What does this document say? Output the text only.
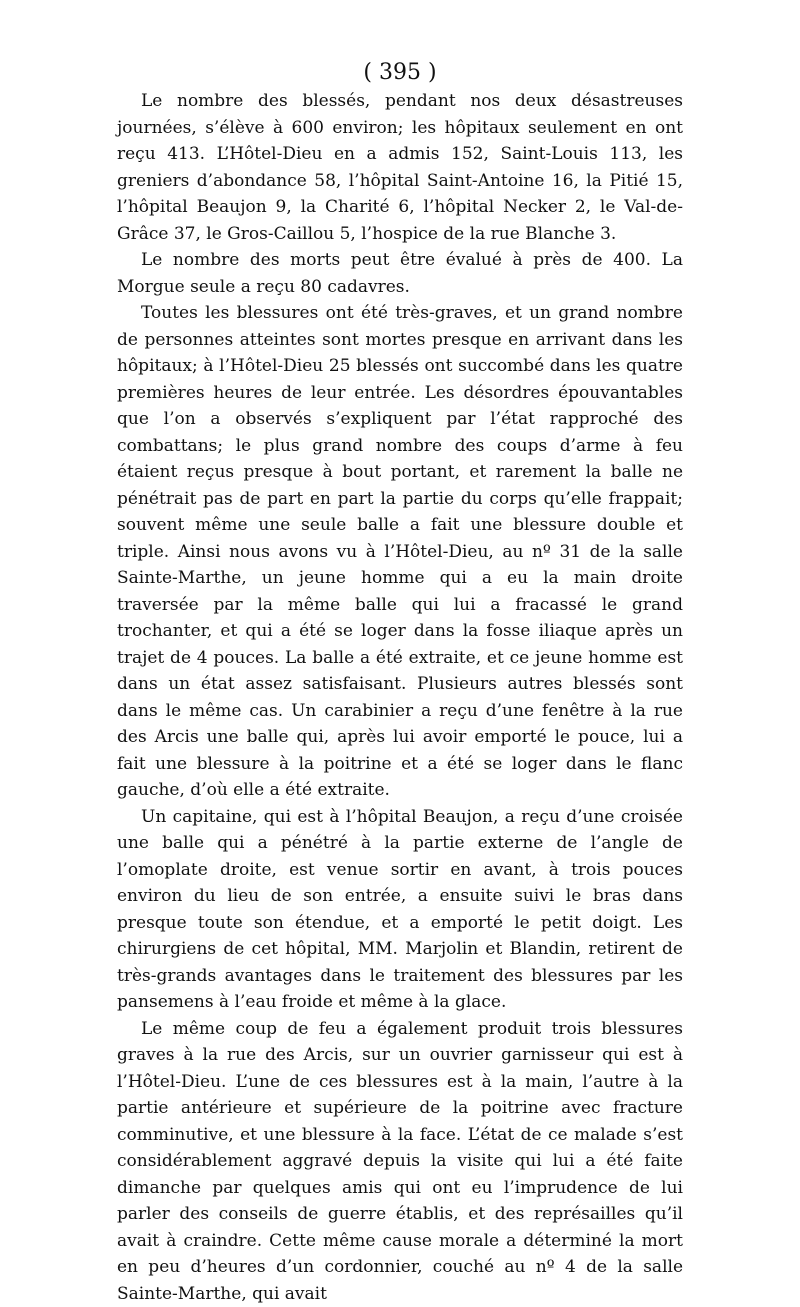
( 395 )

Le nombre des blessés, pendant nos deux désastreuses journées, s’élève à 600 environ; les hôpitaux seulement en ont reçu 413. L’Hôtel-Dieu en a admis 152, Saint-Louis 113, les greniers d’abondance 58, l’hôpital Saint-Antoine 16, la Pitié 15, l’hôpital Beaujon 9, la Charité 6, l’hôpital Necker 2, le Val-de-Grâce 37, le Gros-Caillou 5, l’hospice de la rue Blanche 3.

Le nombre des morts peut être évalué à près de 400. La Morgue seule a reçu 80 cadavres.

Toutes les blessures ont été très-graves, et un grand nombre de personnes atteintes sont mortes presque en arrivant dans les hôpitaux; à l’Hôtel-Dieu 25 blessés ont succombé dans les quatre premières heures de leur entrée. Les désordres épouvantables que l’on a observés s’expliquent par l’état rapproché des combattans; le plus grand nombre des coups d’arme à feu étaient reçus presque à bout portant, et rarement la balle ne pénétrait pas de part en part la partie du corps qu’elle frappait; souvent même une seule balle a fait une blessure double et triple. Ainsi nous avons vu à l’Hôtel-Dieu, au nº 31 de la salle Sainte-Marthe, un jeune homme qui a eu la main droite traversée par la même balle qui lui a fracassé le grand trochanter, et qui a été se loger dans la fosse iliaque après un trajet de 4 pouces. La balle a été extraite, et ce jeune homme est dans un état assez satisfaisant. Plusieurs autres blessés sont dans le même cas. Un carabinier a reçu d’une fenêtre à la rue des Arcis une balle qui, après lui avoir emporté le pouce, lui a fait une blessure à la poitrine et a été se loger dans le flanc gauche, d’où elle a été extraite.

Un capitaine, qui est à l’hôpital Beaujon, a reçu d’une croisée une balle qui a pénétré à la partie externe de l’angle de l’omoplate droite, est venue sortir en avant, à trois pouces environ du lieu de son entrée, a ensuite suivi le bras dans presque toute son étendue, et a emporté le petit doigt. Les chirurgiens de cet hôpital, MM. Marjolin et Blandin, retirent de très-grands avantages dans le traitement des blessures par les pansemens à l’eau froide et même à la glace.

Le même coup de feu a également produit trois blessures graves à la rue des Arcis, sur un ouvrier garnisseur qui est à l’Hôtel-Dieu. L’une de ces blessures est à la main, l’autre à la partie antérieure et supérieure de la poitrine avec fracture comminutive, et une blessure à la face. L’état de ce malade s’est considérablement aggravé depuis la visite qui lui a été faite dimanche par quelques amis qui ont eu l’imprudence de lui parler des conseils de guerre établis, et des représailles qu’il avait à craindre. Cette même cause morale a déterminé la mort en peu d’heures d’un cordonnier, couché au nº 4 de la salle Sainte-Marthe, qui avait
